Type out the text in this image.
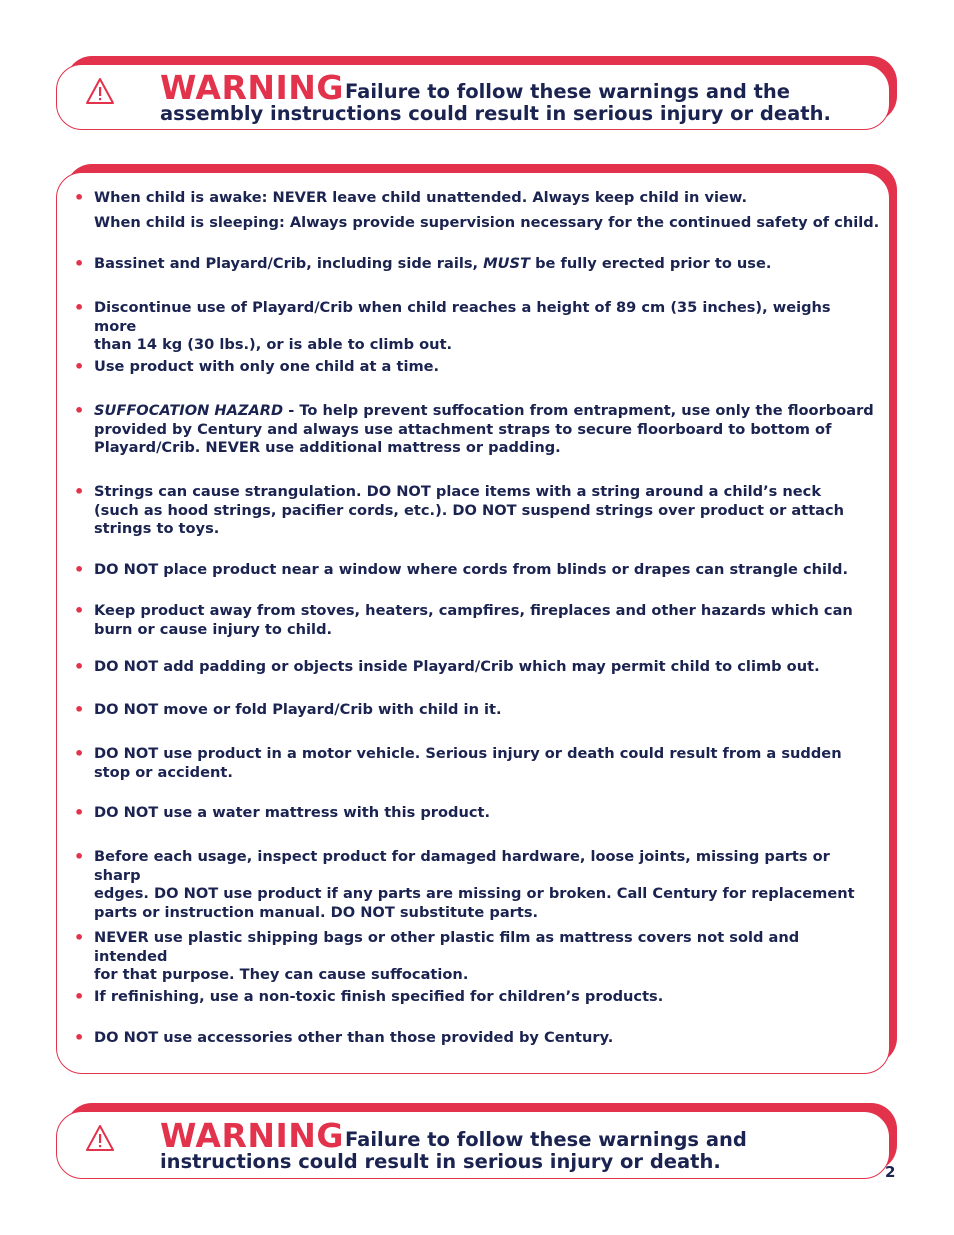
WARNING Failure to follow these warnings and the
assembly instructions could result in serious injury or death.
• When child is awake: NEVER leave child unattended. Always keep child in view.
• Bassinet and Playard/Crib, including side rails, MUST be fully erected prior to use.
• Discontinue use of Playard/Crib when child reaches a height of 89 cm (35 inches), weighs more
than 14 kg (30 lbs.), or is able to climb out.
• Use product with only one child at a time.
• SUFFOCATION HAZARD - To help prevent suffocation from entrapment, use only the floorboard
provided by Century and always use attachment straps to secure floorboard to bottom of
Playard/Crib. NEVER use additional mattress or padding.
• Strings can cause strangulation. DO NOT place items with a string around a child’s neck
(such as hood strings, pacifier cords, etc.). DO NOT suspend strings over product or attach
strings to toys.
• DO NOT place product near a window where cords from blinds or drapes can strangle child.
• Keep product away from stoves, heaters, campfires, fireplaces and other hazards which can
burn or cause injury to child.
• DO NOT add padding or objects inside Playard/Crib which may permit child to climb out.
• DO NOT move or fold Playard/Crib with child in it.
• DO NOT use product in a motor vehicle. Serious injury or death could result from a sudden
stop or accident.
• DO NOT use a water mattress with this product.
• Before each usage, inspect product for damaged hardware, loose joints, missing parts or sharp
edges. DO NOT use product if any parts are missing or broken. Call Century for replacement
parts or instruction manual. DO NOT substitute parts.
• NEVER use plastic shipping bags or other plastic film as mattress covers not sold and intended
for that purpose. They can cause suffocation.
• If refinishing, use a non-toxic finish specified for children’s products.
• DO NOT use accessories other than those provided by Century.
When child is sleeping: Always provide supervision necessary for the continued safety of child.
WARNING Failure to follow these warnings and
instructions could result in serious injury or death.	2
